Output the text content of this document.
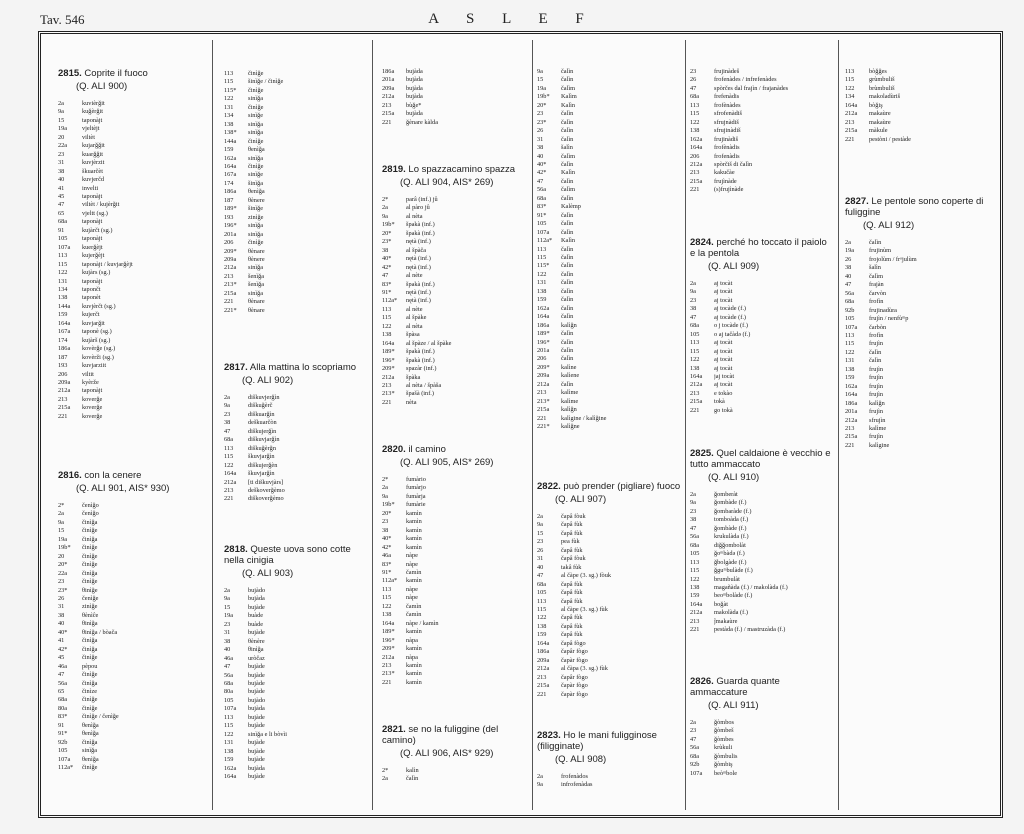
Tav. 546	A S L E F
2815. Coprite il fuoco
(Q. ALI 900)
2a	kuvièrğit
9a	kuğèrğit
15	taponàjt
19a	vjeltèjt
20	viltèt
22a	kujarğğit
23	kuarğğit
31	kuvjèrzit
38	škuarčèt
40	kuvjerčd
41	invelti
45	taponàjt
47	viltèt / kujèrğit
65	vjeltt (sg.)
68a	taponàjt
91	kujàrčt (sg.)
105	taponàjt
107a	kuerğèjt
113	kujerğèjt
115	taponàjt / kuvjarğèjt
122	kujàrs (sg.)
131	taponàjt
134	tapončt
138	taponèt
144a	kuvjèrčt (sg.)
159	kujerčt
164a	kuvjarğit
167a	taponè (sg.)
174	kujàrš (sg.)
186a	kovèrğe (sg.)
187	kovèrži (sg.)
193	kuvjarziit
206	viltit
209a	kyèrže
212a	taponàjt
213	koverğe
215a	koverğe
221	koverğe
2816. con la cenere
(Q. ALI 901, AIS* 930)
2*	čenìğo
2a	čenìğo
9a	činìğa
15	činìğe
19a	činìğa
19b*	činìğe
20	činìğe
20*	činìğe
22a	činìğa
23	činìğe
23*	θinìğe
26	čenìğe
31	zinìğe
38	θènìĉe
40	θinìğa
40*	θinìğa / bòača
41	činìğa
42*	činìğa
45	činìğe
46a	pèpou
47	činìğe
56a	činìğa
65	činìze
68a	činìğe
80a	činìğe
83*	činìğe / čenìğe
91	θenìğa
91*	θenìğa
92b	činìğa
105	sinìğa
107a	θenìğa
112a*	činìğe
113	činìğe
115	šinìğe / činìğe
115*	činìğe
122	sinìğa
131	činìğe
134	sinìğe
138	sinìğa
138*	sinìğa
144a	činìğe
159	θenìğa
162a	sinìğa
164a	činìğe
167a	sinìğe
174	šinìğa
186a	θenìğa
187	θènere
189*	šinìğe
193	zinìğe
196*	sinìğa
201a	sinìğa
206	činìğe
209*	θènare
209a	θènere
212a	sinìğa
213	šenìğa
213*	šenìğa
215a	sinìğa
221	θènare
221*	θènare
2817. Alla mattina lo scopriamo
(Q. ALI 902)
2a	diškuvjerğìn
9a	diškuğèrč
23	diškuarğìn
38	deškuarčòn
47	diškujerğìn
68a	diškuvjarğìn
113	diškuğèrğn
115	škuvjarğìn
122	diškujerğèn
164a	škuvjarğìn
212a	[ti diškuvjàrs]
213	deškoverğèmo
221	diškoverğèmo
2818. Queste uova sono cotte nella cinigia
(Q. ALI 903)
2a	bujàdo
9a	bujàda
15	bujàde
19a	buàde
23	buàde
31	bujàde
38	θènère
40	θinìğa
46a	uròčaz
47	bujàde
56a	bujàde
68a	bujàde
80a	bujàde
105	bujàdo
107a	bujàda
113	bujàde
115	bujàde
122	sinìğa e li bòvìi
131	bujàde
138	bujàde
159	bujàde
162a	bujàda
164a	bujàde
186a	bujàda
201a	bujàda
209a	bujàda
212a	bujàda
213	bùğe*
215a	bujàda
221	ğènare kàlda
2819. Lo spazzacamino spazza
(Q. ALI 904, AIS* 269)
2*	parâ (inf.) jû
2a	al pàro jû
9a	al nèta
19b*	špakà (inf.)
20*	špakà (inf.)
23*	nętà (inf.)
38	al špàča
40*	nętà (inf.)
42*	nętà (inf.)
47	al nète
83*	špakà (inf.)
91*	nętà (inf.)
112a*	nętà (inf.)
113	al nète
115	al špàke
122	al nèta
138	špàsa
164a	al špàze / al špàke
189*	špakà (inf.)
196*	špakà (inf.)
209*	spazàr (inf.)
212a	špàka
213	al nèta / špàša
213*	špašà (inf.)
221	nèta
2820. il camino
(Q. ALI 905, AIS* 269)
2*	fumàrio
2a	fumàrjo
9a	fumàrja
19b*	fumàrie
20*	kamìn
23	kamìn
38	kamìn
40*	kamìn
42*	kamìn
46a	nàpe
83*	nàpe
91*	čamìn
112a*	kamìn
113	nàpe
115	nàpe
122	čamìn
138	čamìn
164a	nàpe / kamìn
189*	kamìn
196*	nàpa
209*	kamìn
212a	nàpa
213	kamìn
213*	kamìn
221	kamìn
2821. se no la fuliggine (del camino)
(Q. ALI 906, AIS* 929)
2*	kalìn
2a	čalìn
9a	čalìn
15	čalìn
19a	čalìm
19b*	Kalìm
20*	Kalìn
23	čalìn
23*	čalìn
26	čalìn
31	čalìn
38	šalìn
40	čalìm
40*	čalìn
42*	Kalìn
47	čalìn
56a	čalìm
68a	čalìn
83*	Kalèmp
91*	čalìn
105	čalìn
107a	čalìn
112a*	Kalìn
113	čalìn
115	čalìn
115*	čalìn
122	čalìn
131	čalìn
138	čalìn
159	čalìn
162a	čalìn
164a	čalìn
186a	kalìğn
189*	čalìn
196*	čalìn
201a	čalìn
206	čalìn
209*	kalìne
209a	kalìene
212a	čalìn
213	kalìme
213*	kalìme
215a	kalìğn
221	kalìgine / kalìğine
221*	kalìğne
2822. può prender (pigliare) fuoco
(Q. ALI 907)
2a	čapâ fòuk
9a	čapâ fùk
15	čapâ fùk
23	pea fùk
26	čapâ fùk
31	čapâ fòuk
40	takâ fùk
47	al čàpe (3. sg.) fòuk
68a	čapâ fùk
105	čapâ fùk
113	čapâ fùk
115	al čàpe (3. sg.) fùk
122	čapâ fùk
138	čapâ fùk
159	čapâ fùk
164a	čapâ fògo
186a	čapâr fògo
209a	čapàr fògo
212a	al čàpa (3. sg.) fùk
213	čapâr fògo
215a	čapàr fògo
221	čapàr fògo
2823. Ho le mani fuligginose (filigginate)
(Q. ALI 908)
2a	frofenàdos
9a	infrofenàdas
23	frujinàdeš
26	frofenàdes / infrefenàdes
47	spòrčes dal frajìn / frajanàdes
68a	frefenàdis
113	frofènàdes
115	sfrofenàdiš
122	sfrujnàdiš
138	sfrujinàdiš
162a	frujinàdiš
164a	frofènàdis
206	frofenàdis
212a	spòrčiš di čalìn
213	kakučàe
215a	frujìnàde
221	(s)frujìnàde
2824. perché ho toccato il paiolo e la pentola
(Q. ALI 909)
2a	aj tocàt
9a	aj tocàt
23	aj tocàt
38	aj tocàde (f.)
47	aj tocàde (f.)
68a	o j tocàde (f.)
105	o aj tačàdə (f.)
113	aj tocàt
115	aj tocàt
122	aj tocàt
138	aj tocàt
164a	jaj tocàt
212a	aj tocàt
213	e tokào
215a	tokà
221	go tokà
2825. Quel caldaione è vecchio e tutto ammaccato
(Q. ALI 910)
2a	ğomberàt
9a	ğombàde (f.)
23	ğombaràde (f.)
38	tomboàda (f.)
47	ğombàde (f.)
56a	krukulàda (f.)
68a	diğğombolàt
105	ğoᵐbàdə (f.)
113	ğbolgàde (f.)
115	ğguᵐbulàde (f.)
122	brumbulàt
138	magañàda (f.) / makolàda (f.)
159	beoᵐbolàde (f.)
164a	boğàt
212a	makolàda (f.)
213	ĵmakaùre
221	pestàda (f.) / mastruzàda (f.)
2826. Guarda quante ammaccature
(Q. ALI 911)
2a	ğòmbos
23	ğòmbeš
47	ğòmbes
56a	krùkuli
68a	ğòmbulis
92b	ğòmbiş
107a	beòᵐbole
113	bòğğes
115	grùmbuliš
122	brùmbuliš
134	makoladùriš
164a	bòğiş
212a	makaùre
213	makaùre
215a	màkule
221	pestòni / pestàde
2827. Le pentole sono coperte di fuliggine
(Q. ALI 912)
2a	čalìn
19a	frujinùm
26	frojolùm / frᵒjulùm
38	šalìn
40	čalìm
47	frajàn
56a	čarvòn
68a	frofìn
92b	frujinadùra
105	frujìn / nenfùᵐp
107a	čarbòn
113	frofìn
115	frujìn
122	čalìn
131	čalìn
138	frujìn
159	frujìn
162a	frujìn
164a	frujìn
186a	kalìğn
201a	frujìn
212a	sfrujìn
213	kalìme
215a	frujìn
221	kalìgine
